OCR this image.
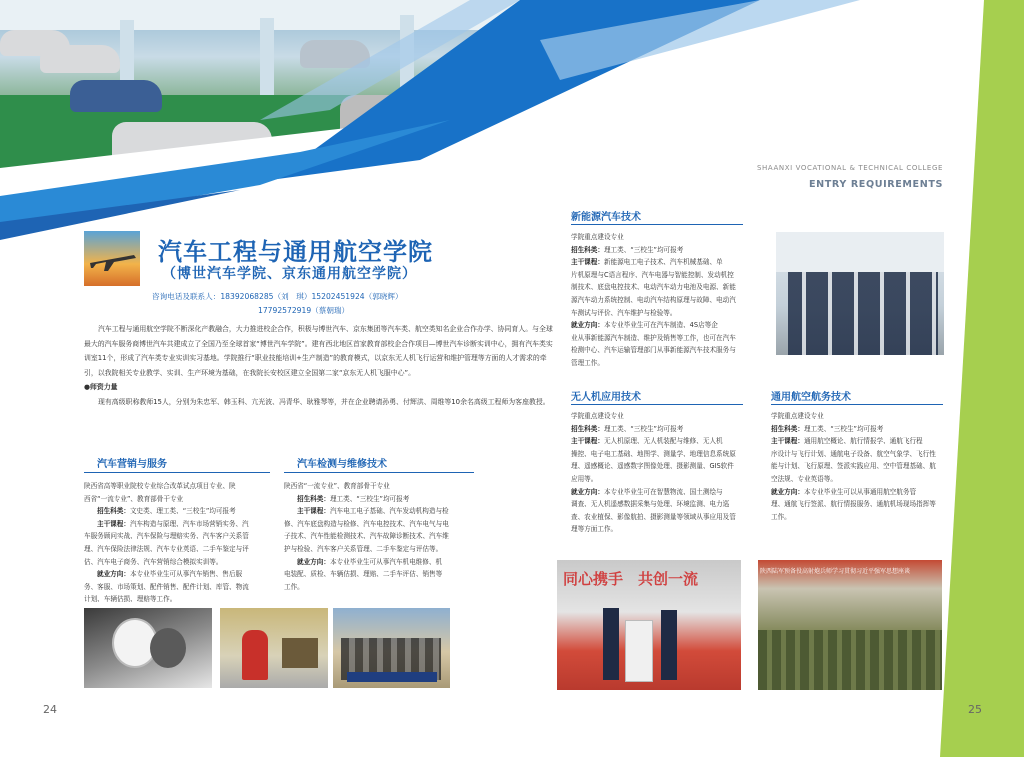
SHAANXI VOCATIONAL & TECHNICAL COLLEGE
ENTRY REQUIREMENTS
汽车工程与通用航空学院
（博世汽车学院、京东通用航空学院）
咨询电话及联系人：18392068285（刘　琪）15202451924（郭晓辉）
17792572919（蔡朝瑞）
汽车工程与通用航空学院不断深化产教融合，大力推进校企合作，积极与博世汽车、京东集团等汽车类、航空类知名企业合作办学、协同育人。与全球最大的汽车服务商博世汽车共建成立了全国乃至全球首家“博世汽车学院”。建有西北地区首家教育部校企合作项目—博世汽车诊断实训中心，拥有汽车类实训室11个，形成了汽车类专业实训实习基地。学院推行“职业技能培训+生产制造”的教育模式，以京东无人机飞行运营和维护管理等方面的人才需求的牵引，以我院相关专业教学、实训、生产环境为基础，在我院长安校区建立全国第二家“京东无人机飞服中心”。
●师资力量
现有高级职称教师15人，分别为朱忠军、韩玉科、亢光波、冯青华、耿雅琴等，并在企业聘请孙勇、付辉洪、周维等10余名高级工程师为客座教授。
汽车营销与服务
陕西省高等职业院校专业综合改革试点项目专业、陕
西省“一流专业”、教育部骨干专业
招生科类：文史类、理工类、“三校生”均可报考
主干课程：汽车构造与原理、汽车市场营销实务、汽
车服务顾问实战、汽车保险与理赔实务、汽车客户关系管
理、汽车保险法律法规、汽车专业英语、二手车鉴定与评
估、汽车电子商务、汽车营销综合模拟实训等。
就业方向：本专业毕业生可从事汽车销售、售后服
务、客服、市场策划、配件销售、配件计划、库管、物流
计划、车辆估损、理赔等工作。
汽车检测与维修技术
陕西省“一流专业”、教育部骨干专业
招生科类：理工类、“三校生”均可报考
主干课程：汽车电工电子基础、汽车发动机构造与检
修、汽车底盘构造与检修、汽车电控技术、汽车电气与电
子技术、汽车性能检测技术、汽车故障诊断技术、汽车维
护与检验、汽车客户关系管理、二手车鉴定与评估等。
就业方向：本专业毕业生可从事汽车机电维修、机
电装配、质检、车辆估损、理赔、二手车评估、销售等
工作。
24
新能源汽车技术
学院重点建设专业
招生科类：理工类、“三校生”均可报考
主干课程：新能源电工电子技术、汽车机械基础、单
片机原理与C语言程序、汽车电器与智能控制、发动机控
制技术、底盘电控技术、电动汽车动力电池及电源、新能
源汽车动力系统控制、电动汽车结构原理与故障、电动汽
车测试与评价、汽车维护与检验等。
就业方向：本专业毕业生可在汽车制造、4S店等企
业从事新能源汽车制造、维护及销售等工作，也可在汽车
检测中心、汽车运输管理部门从事新能源汽车技术服务与
管理工作。
无人机应用技术
学院重点建设专业
招生科类：理工类、“三校生”均可报考
主干课程：无人机原理、无人机装配与维修、无人机
操控、电子电工基础、地图学、测量学、地理信息系统原
理、遥感概论、遥感数字图像处理、摄影测量、GIS软件
应用等。
就业方向：本专业毕业生可在智慧物流、国土测绘与
调查、无人机遥感数据采集与处理、环境监测、电力巡
查、农业植保、影像航拍、摄影测量等领域从事应用及管
理等方面工作。
通用航空航务技术
学院重点建设专业
招生科类：理工类、“三校生”均可报考
主干课程：通用航空概论、航行情报学、通航飞行程
序设计与飞行计划、通航电子设备、航空气象学、飞行性
能与计划、飞行原理、签派实践应用、空中管理基础、航
空法规、专业英语等。
就业方向：本专业毕业生可以从事通用航空航务管
理、通航飞行签派、航行情报服务、通航机场现场指挥等
工作。
同心携手　共创一流	陕西陆军预备役高射炮兵师学习贯彻习近平强军思想座谈
25
